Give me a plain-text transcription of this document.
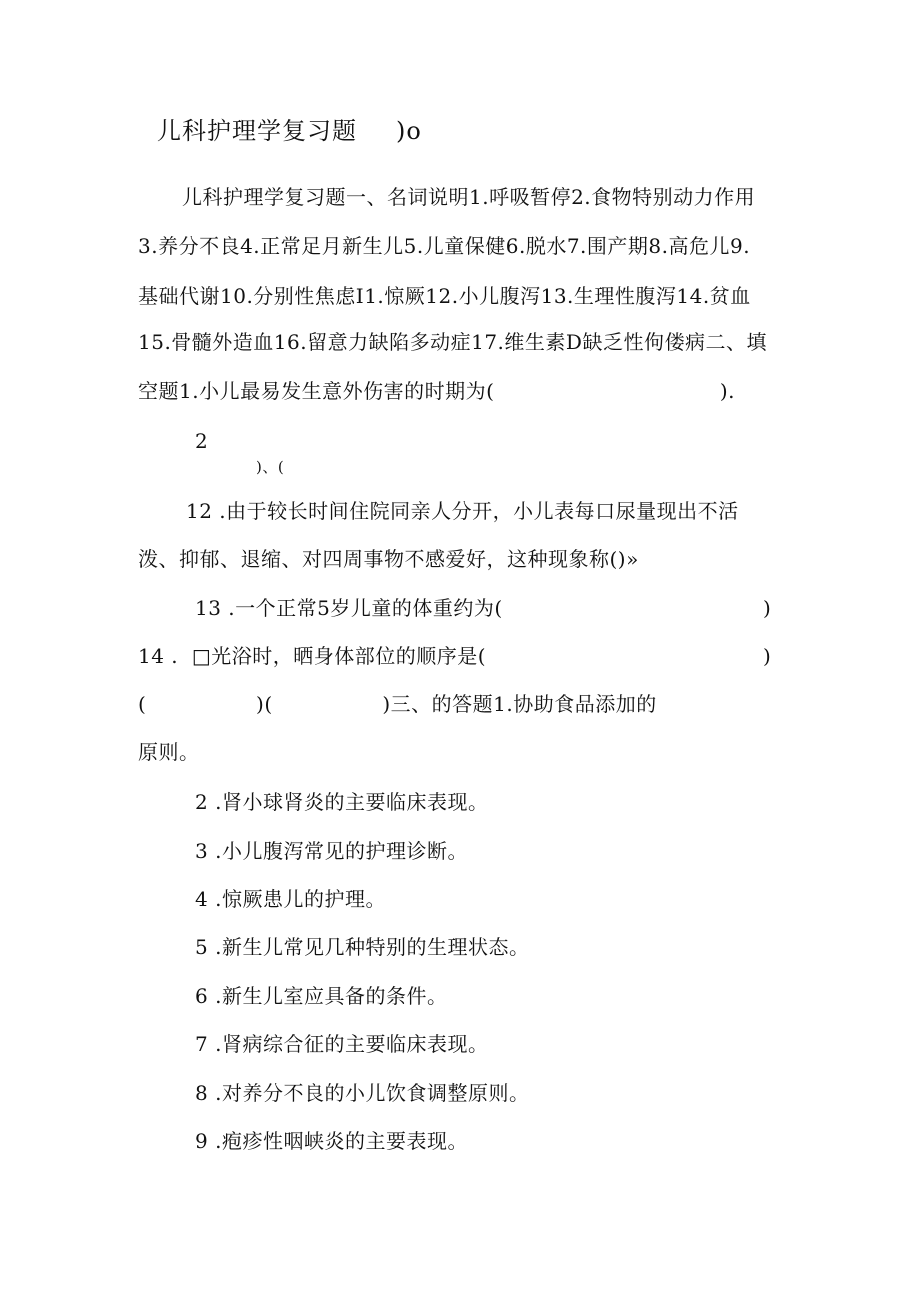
儿科护理学复习题 )o
儿科护理学复习题一、名词说明1.呼吸暂停2.食物特别动力作用
3.养分不良4.正常足月新生儿5.儿童保健6.脱水7.围产期8.高危儿9.
基础代谢10.分别性焦虑I1.惊厥12.小儿腹泻13.生理性腹泻14.贫血
15.骨髓外造血16.留意力缺陷多动症17.维生素D缺乏性佝偻病二、填
空题1.小儿最易发生意外伤害的时期为(　　　　　　　　　　　).　
2
)、(
12 .由于较长时间住院同亲人分开，小儿表每口尿量现出不活
泼、抑郁、退缩、对四周事物不感爱好，这种现象称()»
13 .一个正常5岁儿童的体重约为(	)
14 .  □光浴时，晒身体部位的顺序是(	)
(                )(                )三、的答题1.协助食品添加的
原则。
2 .肾小球肾炎的主要临床表现。
3 .小儿腹泻常见的护理诊断。
4 .惊厥患儿的护理。
5 .新生儿常见几种特别的生理状态。
6 .新生儿室应具备的条件。
7 .肾病综合征的主要临床表现。
8 .对养分不良的小儿饮食调整原则。
9 .疱疹性咽峡炎的主要表现。
